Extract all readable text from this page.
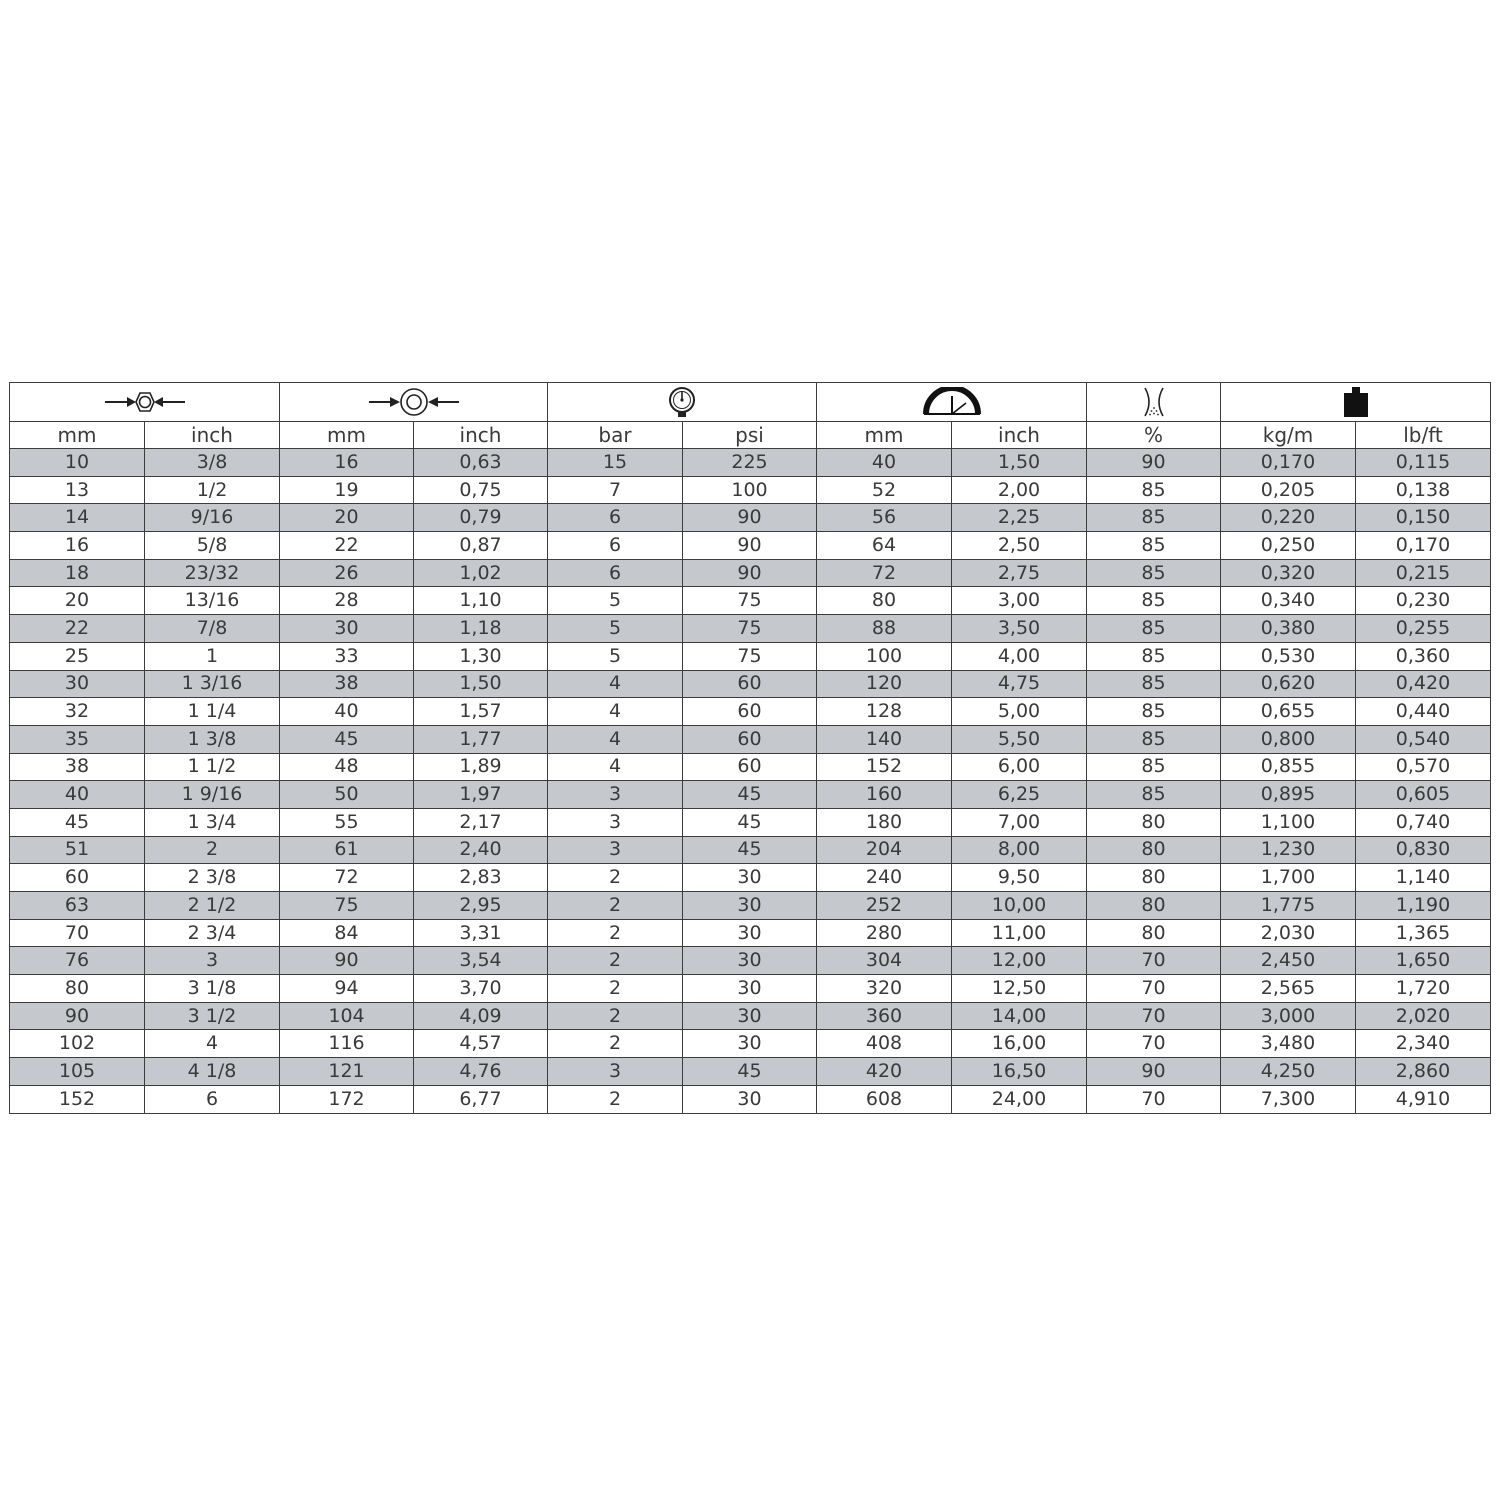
mm	inch	mm	inch	bar	psi	mm	inch	%	kg/m	lb/ft
10	3/8	16	0,63	15	225	40	1,50	90	0,170	0,115
13	1/2	19	0,75	7	100	52	2,00	85	0,205	0,138
14	9/16	20	0,79	6	90	56	2,25	85	0,220	0,150
16	5/8	22	0,87	6	90	64	2,50	85	0,250	0,170
18	23/32	26	1,02	6	90	72	2,75	85	0,320	0,215
20	13/16	28	1,10	5	75	80	3,00	85	0,340	0,230
22	7/8	30	1,18	5	75	88	3,50	85	0,380	0,255
25	1	33	1,30	5	75	100	4,00	85	0,530	0,360
30	1 3/16	38	1,50	4	60	120	4,75	85	0,620	0,420
32	1 1/4	40	1,57	4	60	128	5,00	85	0,655	0,440
35	1 3/8	45	1,77	4	60	140	5,50	85	0,800	0,540
38	1 1/2	48	1,89	4	60	152	6,00	85	0,855	0,570
40	1 9/16	50	1,97	3	45	160	6,25	85	0,895	0,605
45	1 3/4	55	2,17	3	45	180	7,00	80	1,100	0,740
51	2	61	2,40	3	45	204	8,00	80	1,230	0,830
60	2 3/8	72	2,83	2	30	240	9,50	80	1,700	1,140
63	2 1/2	75	2,95	2	30	252	10,00	80	1,775	1,190
70	2 3/4	84	3,31	2	30	280	11,00	80	2,030	1,365
76	3	90	3,54	2	30	304	12,00	70	2,450	1,650
80	3 1/8	94	3,70	2	30	320	12,50	70	2,565	1,720
90	3 1/2	104	4,09	2	30	360	14,00	70	3,000	2,020
102	4	116	4,57	2	30	408	16,00	70	3,480	2,340
105	4 1/8	121	4,76	3	45	420	16,50	90	4,250	2,860
152	6	172	6,77	2	30	608	24,00	70	7,300	4,910
